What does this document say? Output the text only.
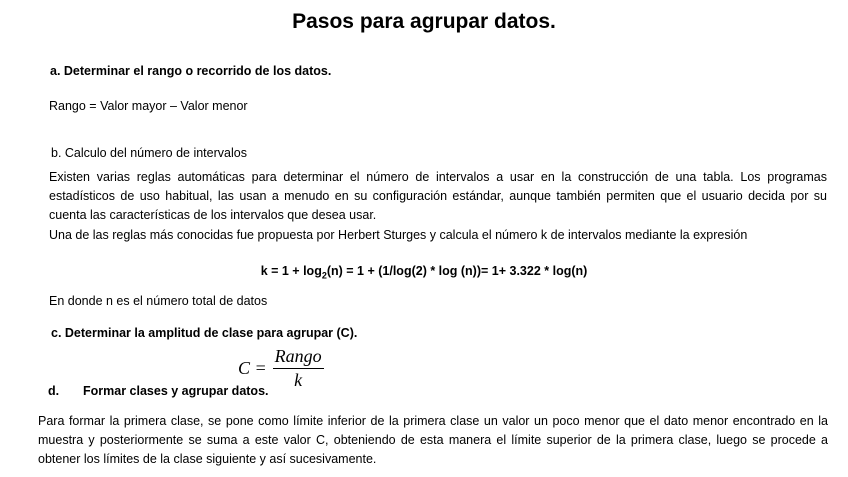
Pasos para agrupar datos.
a. Determinar el rango o recorrido de los datos.
Rango = Valor mayor – Valor menor
b. Calculo del número de intervalos
Existen varias reglas automáticas para determinar el número de intervalos a usar en la construcción de una tabla. Los programas estadísticos de uso habitual, las usan a menudo en su configuración estándar, aunque también permiten que el usuario decida por su cuenta las características de los intervalos que desea usar.
Una de las reglas más conocidas fue propuesta por Herbert Sturges y calcula el número k de intervalos mediante la expresión
$k = 1 + \log_2(n) = 1 + (1/\log(2) * \log (n))= 1+ 3.322 * \log(n)$
En donde n es el número total de datos
c. Determinar la amplitud de clase para agrupar (C).
$C = \frac{\text{Rango}}{k}$
d. Formar clases y agrupar datos.
Para formar la primera clase, se pone como límite inferior de la primera clase un valor un poco menor que el dato menor encontrado en la muestra y posteriormente se suma a este valor C, obteniendo de esta manera el límite superior de la primera clase, luego se procede a obtener los límites de la clase siguiente y así sucesivamente.
